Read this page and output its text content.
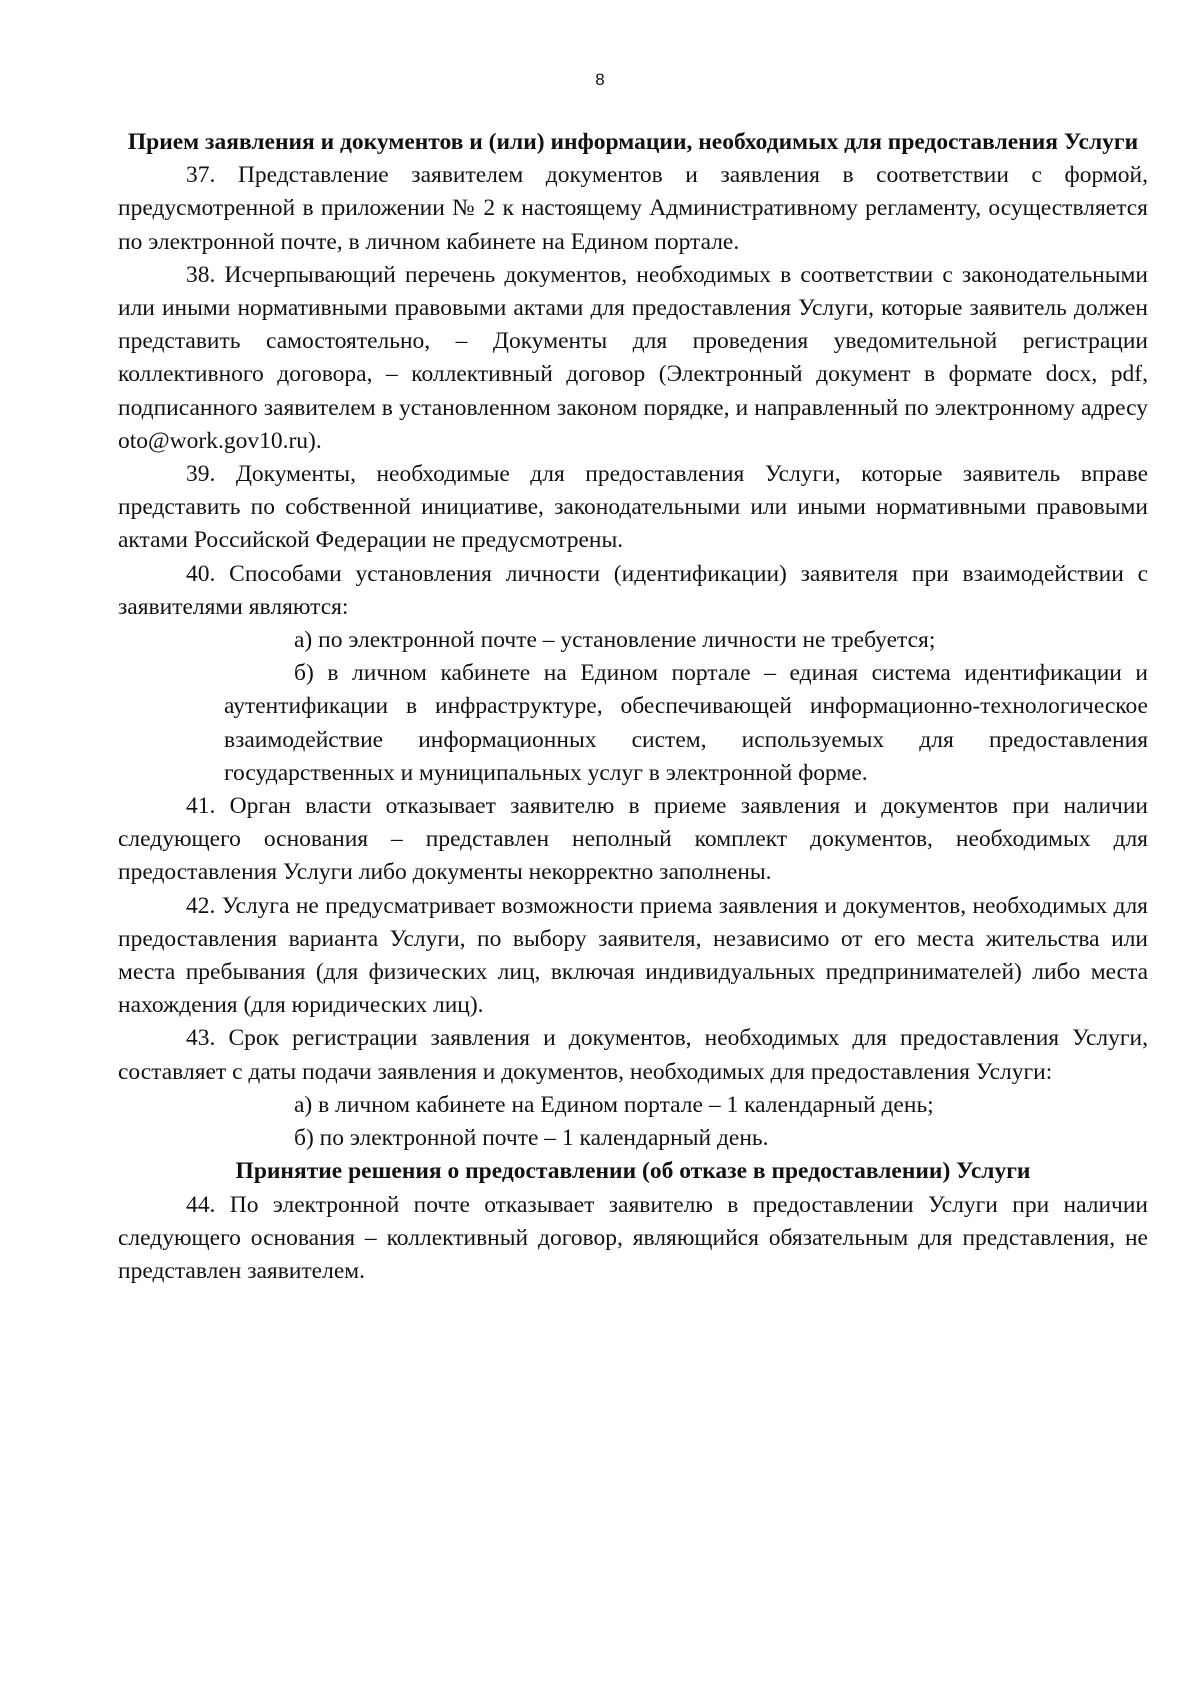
8
Прием заявления и документов и (или) информации, необходимых для предоставления Услуги

37. Представление заявителем документов и заявления в соответствии с формой, предусмотренной в приложении № 2 к настоящему Административному регламенту, осуществляется по электронной почте, в личном кабинете на Едином портале.

38. Исчерпывающий перечень документов, необходимых в соответствии с законодательными или иными нормативными правовыми актами для предоставления Услуги, которые заявитель должен представить самостоятельно, – Документы для проведения уведомительной регистрации коллективного договора, – коллективный договор (Электронный документ в формате docx, pdf, подписанного заявителем в установленном законом порядке, и направленный по электронному адресу oto@work.gov10.ru).

39. Документы, необходимые для предоставления Услуги, которые заявитель вправе представить по собственной инициативе, законодательными или иными нормативными правовыми актами Российской Федерации не предусмотрены.

40. Способами установления личности (идентификации) заявителя при взаимодействии с заявителями являются:

а) по электронной почте – установление личности не требуется;

б) в личном кабинете на Едином портале – единая система идентификации и аутентификации в инфраструктуре, обеспечивающей информационно-технологическое взаимодействие информационных систем, используемых для предоставления государственных и муниципальных услуг в электронной форме.

41. Орган власти отказывает заявителю в приеме заявления и документов при наличии следующего основания – представлен неполный комплект документов, необходимых для предоставления Услуги либо документы некорректно заполнены.

42. Услуга не предусматривает возможности приема заявления и документов, необходимых для предоставления варианта Услуги, по выбору заявителя, независимо от его места жительства или места пребывания (для физических лиц, включая индивидуальных предпринимателей) либо места нахождения (для юридических лиц).

43. Срок регистрации заявления и документов, необходимых для предоставления Услуги, составляет с даты подачи заявления и документов, необходимых для предоставления Услуги:

а) в личном кабинете на Едином портале – 1 календарный день;

б) по электронной почте – 1 календарный день.

Принятие решения о предоставлении (об отказе в предоставлении) Услуги

44. По электронной почте отказывает заявителю в предоставлении Услуги при наличии следующего основания – коллективный договор, являющийся обязательным для представления, не представлен заявителем.
